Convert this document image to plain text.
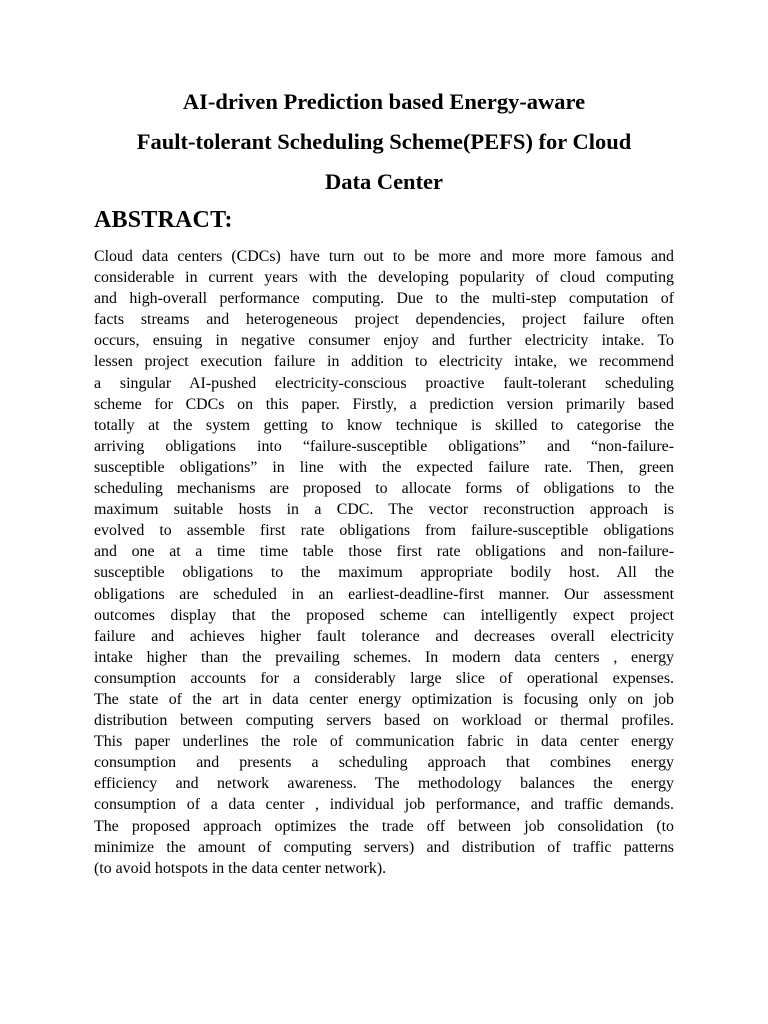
AI-driven Prediction based Energy-aware
Fault-tolerant Scheduling Scheme(PEFS) for Cloud
Data Center
ABSTRACT:
Cloud data centers (CDCs) have turn out to be more and more more famous and
considerable in current years with the developing popularity of cloud computing
and high-overall performance computing. Due to the multi-step computation of
facts streams and heterogeneous project dependencies, project failure often
occurs, ensuing in negative consumer enjoy and further electricity intake. To
lessen project execution failure in addition to electricity intake, we recommend
a singular AI-pushed electricity-conscious proactive fault-tolerant scheduling
scheme for CDCs on this paper. Firstly, a prediction version primarily based
totally at the system getting to know technique is skilled to categorise the
arriving obligations into “failure-susceptible obligations” and “non-failure-
susceptible obligations” in line with the expected failure rate. Then, green
scheduling mechanisms are proposed to allocate forms of obligations to the
maximum suitable hosts in a CDC. The vector reconstruction approach is
evolved to assemble first rate obligations from failure-susceptible obligations
and one at a time time table those first rate obligations and non-failure-
susceptible obligations to the maximum appropriate bodily host. All the
obligations are scheduled in an earliest-deadline-first manner. Our assessment
outcomes display that the proposed scheme can intelligently expect project
failure and achieves higher fault tolerance and decreases overall electricity
intake higher than the prevailing schemes. In modern data centers , energy
consumption accounts for a considerably large slice of operational expenses.
The state of the art in data center energy optimization is focusing only on job
distribution between computing servers based on workload or thermal profiles.
This paper underlines the role of communication fabric in data center energy
consumption and presents a scheduling approach that combines energy
efficiency and network awareness. The methodology balances the energy
consumption of a data center , individual job performance, and traffic demands.
The proposed approach optimizes the trade off between job consolidation (to
minimize the amount of computing servers) and distribution of traffic patterns
(to avoid hotspots in the data center network).
